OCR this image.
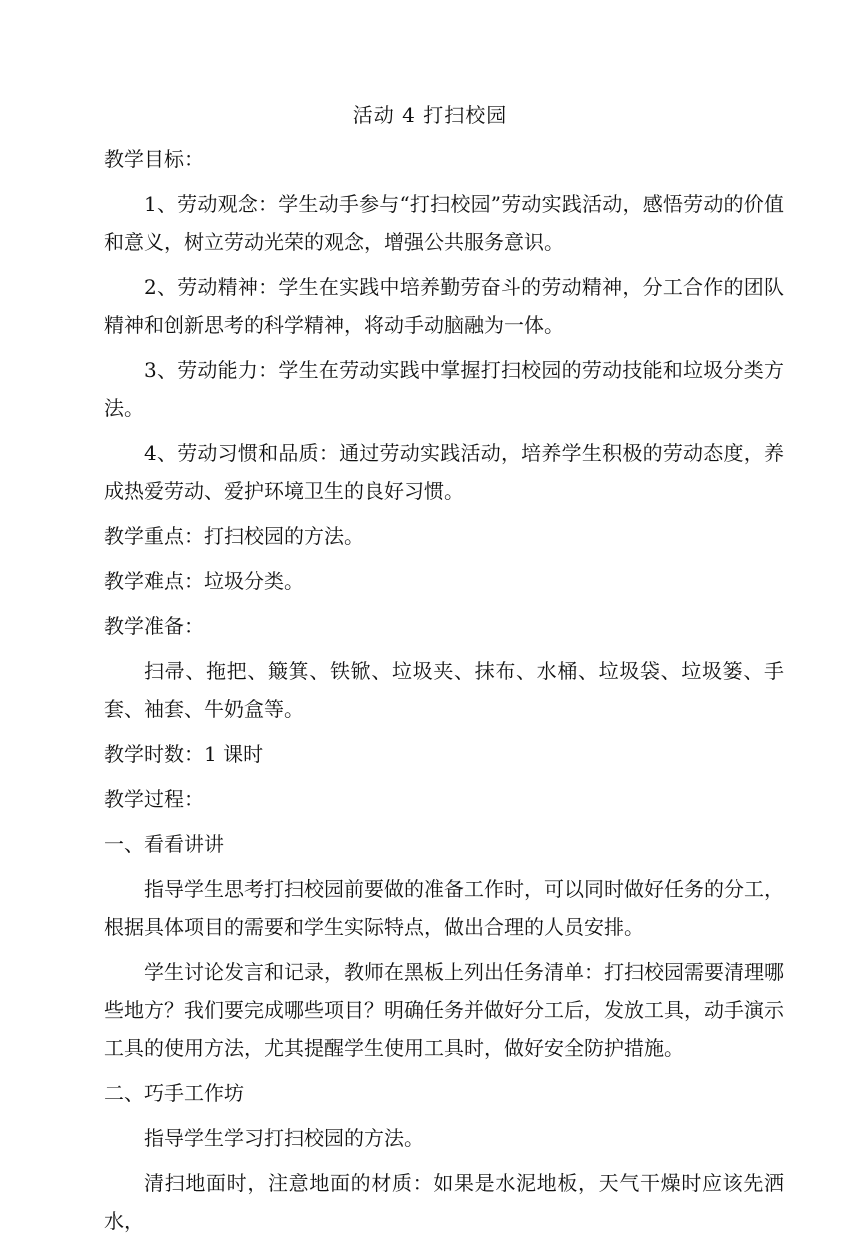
活动 4 打扫校园

教学目标：

1、劳动观念：学生动手参与“打扫校园”劳动实践活动，感悟劳动的价值和意义，树立劳动光荣的观念，增强公共服务意识。

2、劳动精神：学生在实践中培养勤劳奋斗的劳动精神，分工合作的团队精神和创新思考的科学精神，将动手动脑融为一体。

3、劳动能力：学生在劳动实践中掌握打扫校园的劳动技能和垃圾分类方法。

4、劳动习惯和品质：通过劳动实践活动，培养学生积极的劳动态度，养成热爱劳动、爱护环境卫生的良好习惯。

教学重点：打扫校园的方法。

教学难点：垃圾分类。

教学准备：

扫帚、拖把、簸箕、铁锨、垃圾夹、抹布、水桶、垃圾袋、垃圾篓、手套、袖套、牛奶盒等。

教学时数：1 课时

教学过程：

一、看看讲讲

指导学生思考打扫校园前要做的准备工作时，可以同时做好任务的分工，根据具体项目的需要和学生实际特点，做出合理的人员安排。

学生讨论发言和记录，教师在黑板上列出任务清单：打扫校园需要清理哪些地方？我们要完成哪些项目？明确任务并做好分工后，发放工具，动手演示工具的使用方法，尤其提醒学生使用工具时，做好安全防护措施。

二、巧手工作坊

指导学生学习打扫校园的方法。

清扫地面时，注意地面的材质：如果是水泥地板，天气干燥时应该先洒水，
